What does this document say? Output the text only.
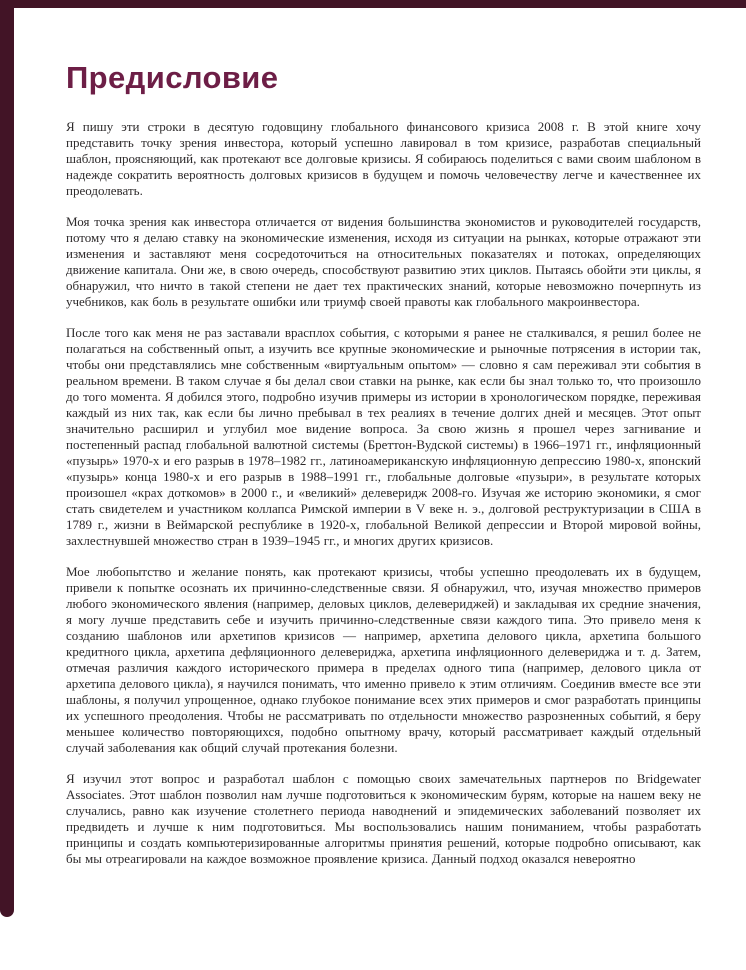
Предисловие

Я пишу эти строки в десятую годовщину глобального финансового кризиса 2008 г. В этой книге хочу представить точку зрения инвестора, который успешно лавировал в том кризисе, разработав специальный шаблон, проясняющий, как протекают все долговые кризисы. Я собираюсь поделиться с вами своим шаблоном в надежде сократить вероятность долговых кризисов в будущем и помочь человечеству легче и качественнее их преодолевать.

Моя точка зрения как инвестора отличается от видения большинства экономистов и руководителей государств, потому что я делаю ставку на экономические изменения, исходя из ситуации на рынках, которые отражают эти изменения и заставляют меня сосредоточиться на относительных показателях и потоках, определяющих движение капитала. Они же, в свою очередь, способствуют развитию этих циклов. Пытаясь обойти эти циклы, я обнаружил, что ничто в такой степени не дает тех практических знаний, которые невозможно почерпнуть из учебников, как боль в результате ошибки или триумф своей правоты как глобального макроинвестора.

После того как меня не раз заставали врасплох события, с которыми я ранее не сталкивался, я решил более не полагаться на собственный опыт, а изучить все крупные экономические и рыночные потрясения в истории так, чтобы они представлялись мне собственным «виртуальным опытом» — словно я сам переживал эти события в реальном времени. В таком случае я бы делал свои ставки на рынке, как если бы знал только то, что произошло до того момента. Я добился этого, подробно изучив примеры из истории в хронологическом порядке, переживая каждый из них так, как если бы лично пребывал в тех реалиях в течение долгих дней и месяцев. Этот опыт значительно расширил и углубил мое видение вопроса. За свою жизнь я прошел через загнивание и постепенный распад глобальной валютной системы (Бреттон-Вудской системы) в 1966–1971 гг., инфляционный «пузырь» 1970-х и его разрыв в 1978–1982 гг., латиноамериканскую инфляционную депрессию 1980-х, японский «пузырь» конца 1980-х и его разрыв в 1988–1991 гг., глобальные долговые «пузыри», в результате которых произошел «крах доткомов» в 2000 г., и «великий» делеверидж 2008-го. Изучая же историю экономики, я смог стать свидетелем и участником коллапса Римской империи в V веке н. э., долговой реструктуризации в США в 1789 г., жизни в Веймарской республике в 1920-х, глобальной Великой депрессии и Второй мировой войны, захлестнувшей множество стран в 1939–1945 гг., и многих других кризисов.

Мое любопытство и желание понять, как протекают кризисы, чтобы успешно преодолевать их в будущем, привели к попытке осознать их причинно-следственные связи. Я обнаружил, что, изучая множество примеров любого экономического явления (например, деловых циклов, делевериджей) и закладывая их средние значения, я могу лучше представить себе и изучить причинно-следственные связи каждого типа. Это привело меня к созданию шаблонов или архетипов кризисов — например, архетипа делового цикла, архетипа большого кредитного цикла, архетипа дефляционного делевериджа, архетипа инфляционного делевериджа и т. д. Затем, отмечая различия каждого исторического примера в пределах одного типа (например, делового цикла от архетипа делового цикла), я научился понимать, что именно привело к этим отличиям. Соединив вместе все эти шаблоны, я получил упрощенное, однако глубокое понимание всех этих примеров и смог разработать принципы их успешного преодоления. Чтобы не рассматривать по отдельности множество разрозненных событий, я беру меньшее количество повторяющихся, подобно опытному врачу, который рассматривает каждый отдельный случай заболевания как общий случай протекания болезни.

Я изучил этот вопрос и разработал шаблон с помощью своих замечательных партнеров по Bridgewater Associates. Этот шаблон позволил нам лучше подготовиться к экономическим бурям, которые на нашем веку не случались, равно как изучение столетнего периода наводнений и эпидемических заболеваний позволяет их предвидеть и лучше к ним подготовиться. Мы воспользовались нашим пониманием, чтобы разработать принципы и создать компьютеризированные алгоритмы принятия решений, которые подробно описывают, как бы мы отреагировали на каждое возможное проявление кризиса. Данный подход оказался невероятно
